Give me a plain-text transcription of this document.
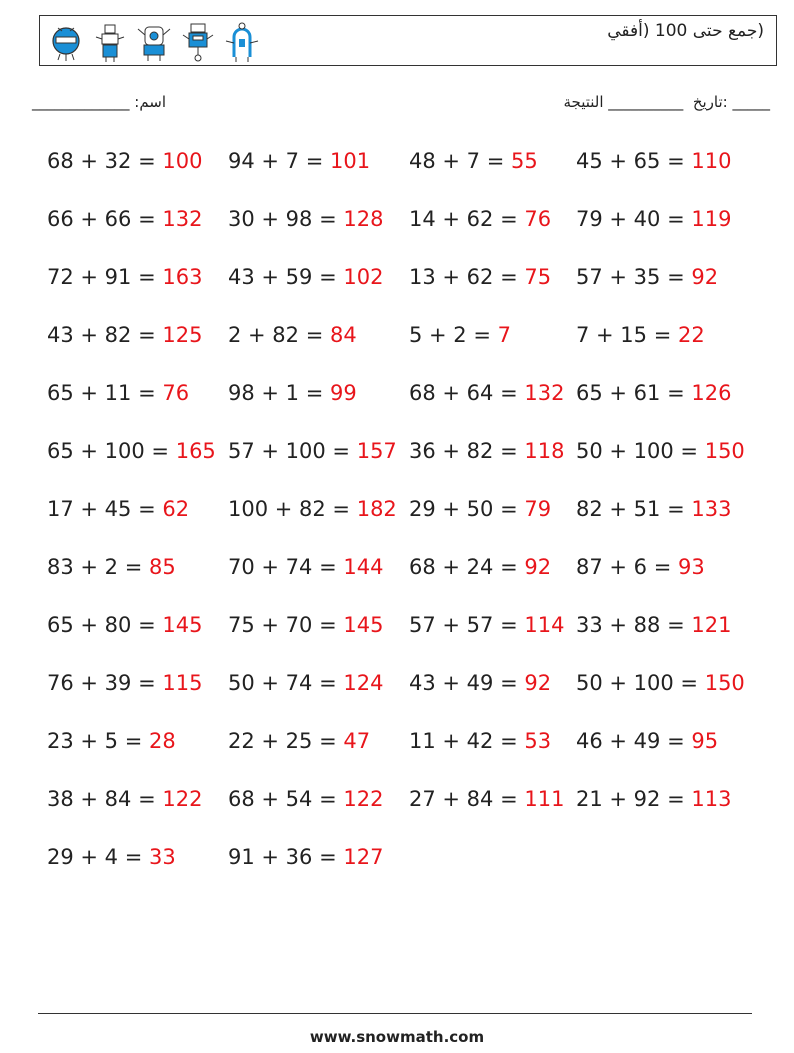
(جمع حتى 100 (أفقي
_____________ :اسم	_____ :تاريخ  __________ النتيجة
68 + 32 = 100 94 + 7 = 101 48 + 7 = 55 45 + 65 = 110
66 + 66 = 132 30 + 98 = 128 14 + 62 = 76 79 + 40 = 119
72 + 91 = 163 43 + 59 = 102 13 + 62 = 75 57 + 35 = 92
43 + 82 = 125 2 + 82 = 84 5 + 2 = 7	7 + 15 = 22
65 + 11 = 76 98 + 1 = 99 68 + 64 = 132 65 + 61 = 126
65 + 100 = 165 57 + 100 = 157 36 + 82 = 118 50 + 100 = 150
17 + 45 = 62 100 + 82 = 182 29 + 50 = 79 82 + 51 = 133
83 + 2 = 85 70 + 74 = 144 68 + 24 = 92 87 + 6 = 93
65 + 80 = 145 75 + 70 = 145 57 + 57 = 114 33 + 88 = 121
76 + 39 = 115 50 + 74 = 124 43 + 49 = 92 50 + 100 = 150
23 + 5 = 28 22 + 25 = 47 11 + 42 = 53 46 + 49 = 95
38 + 84 = 122 68 + 54 = 122 27 + 84 = 111 21 + 92 = 113
29 + 4 = 33 91 + 36 = 127
www.snowmath.com
